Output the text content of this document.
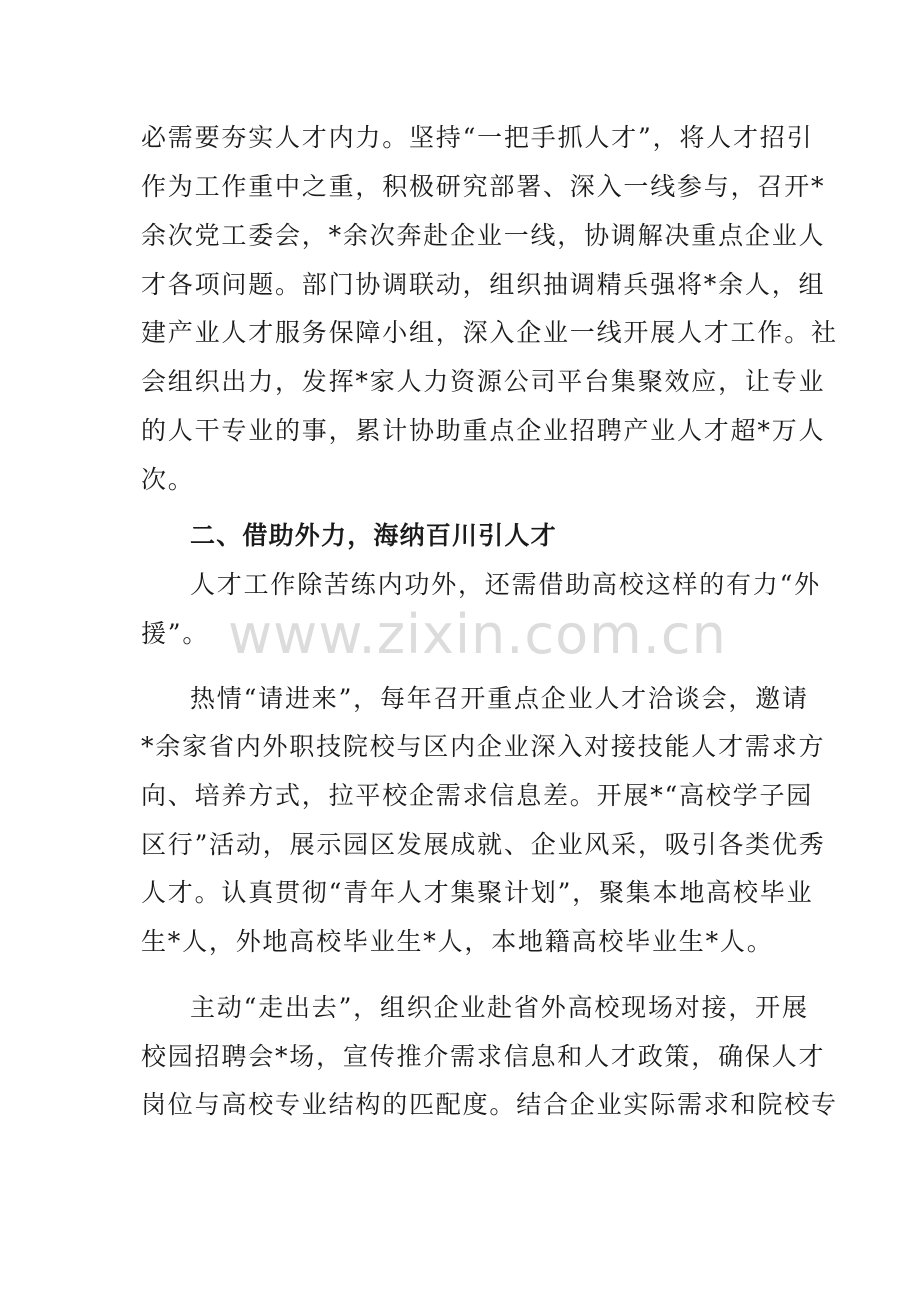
必需要夯实人才内力。坚持“一把手抓人才”，将人才招引
作为工作重中之重，积极研究部署、深入一线参与，召开*
余次党工委会，*余次奔赴企业一线，协调解决重点企业人
才各项问题。部门协调联动，组织抽调精兵强将*余人，组
建产业人才服务保障小组，深入企业一线开展人才工作。社
会组织出力，发挥*家人力资源公司平台集聚效应，让专业
的人干专业的事，累计协助重点企业招聘产业人才超*万人
次。
二、借助外力，海纳百川引人才
人才工作除苦练内功外，还需借助高校这样的有力“外
援”。
热情“请进来”，每年召开重点企业人才洽谈会，邀请
*余家省内外职技院校与区内企业深入对接技能人才需求方
向、培养方式，拉平校企需求信息差。开展*“高校学子园
区行”活动，展示园区发展成就、企业风采，吸引各类优秀
人才。认真贯彻“青年人才集聚计划”，聚集本地高校毕业
生*人，外地高校毕业生*人，本地籍高校毕业生*人。
主动“走出去”，组织企业赴省外高校现场对接，开展
校园招聘会*场，宣传推介需求信息和人才政策，确保人才
岗位与高校专业结构的匹配度。结合企业实际需求和院校专
www.zixin.com.cn
